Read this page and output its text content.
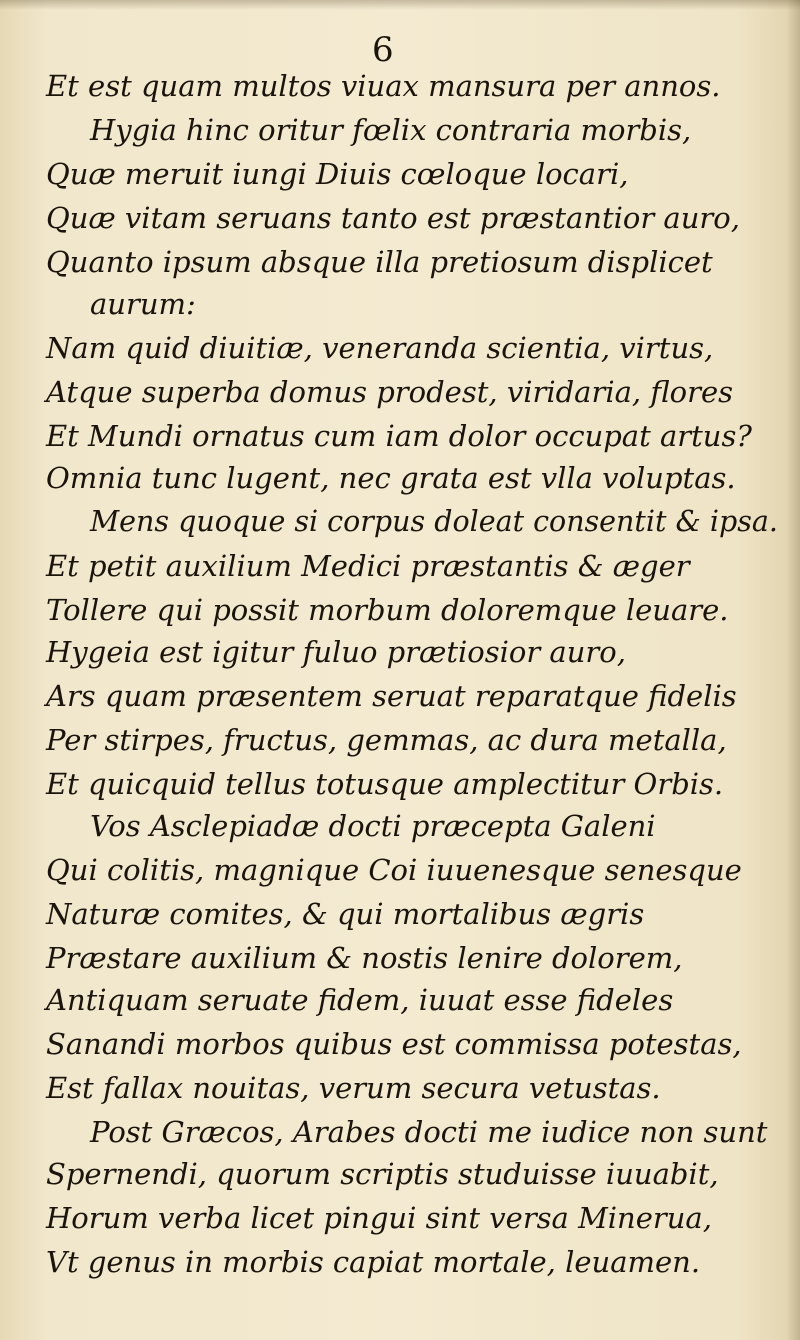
6
Et est quam multos viuax mansura per annos.
Hygia hinc oritur fœlix contraria morbis,
Quæ meruit iungi Diuis cœloque locari,
Quæ vitam seruans tanto est præstantior auro,
Quanto ipsum absque illa pretiosum displicet
aurum:
Nam quid diuitiæ, veneranda scientia, virtus,
Atque superba domus prodest, viridaria, flores
Et Mundi ornatus cum iam dolor occupat artus?
Omnia tunc lugent, nec grata est vlla voluptas.
Mens quoque si corpus doleat consentit & ipsa.
Et petit auxilium Medici præstantis & æger
Tollere qui possit morbum doloremque leuare.
Hygeia est igitur fuluo prætiosior auro,
Ars quam præsentem seruat reparatque fidelis
Per stirpes, fructus, gemmas, ac dura metalla,
Et quicquid tellus totusque amplectitur Orbis.
Vos Asclepiadæ docti præcepta Galeni
Qui colitis, magnique Coi iuuenesque senesque
Naturæ comites, & qui mortalibus ægris
Præstare auxilium & nostis lenire dolorem,
Antiquam seruate fidem, iuuat esse fideles
Sanandi morbos quibus est commissa potestas,
Est fallax nouitas, verum secura vetustas.
Post Græcos, Arabes docti me iudice non sunt
Spernendi, quorum scriptis studuisse iuuabit,
Horum verba licet pingui sint versa Minerua,
Vt genus in morbis capiat mortale, leuamen.
